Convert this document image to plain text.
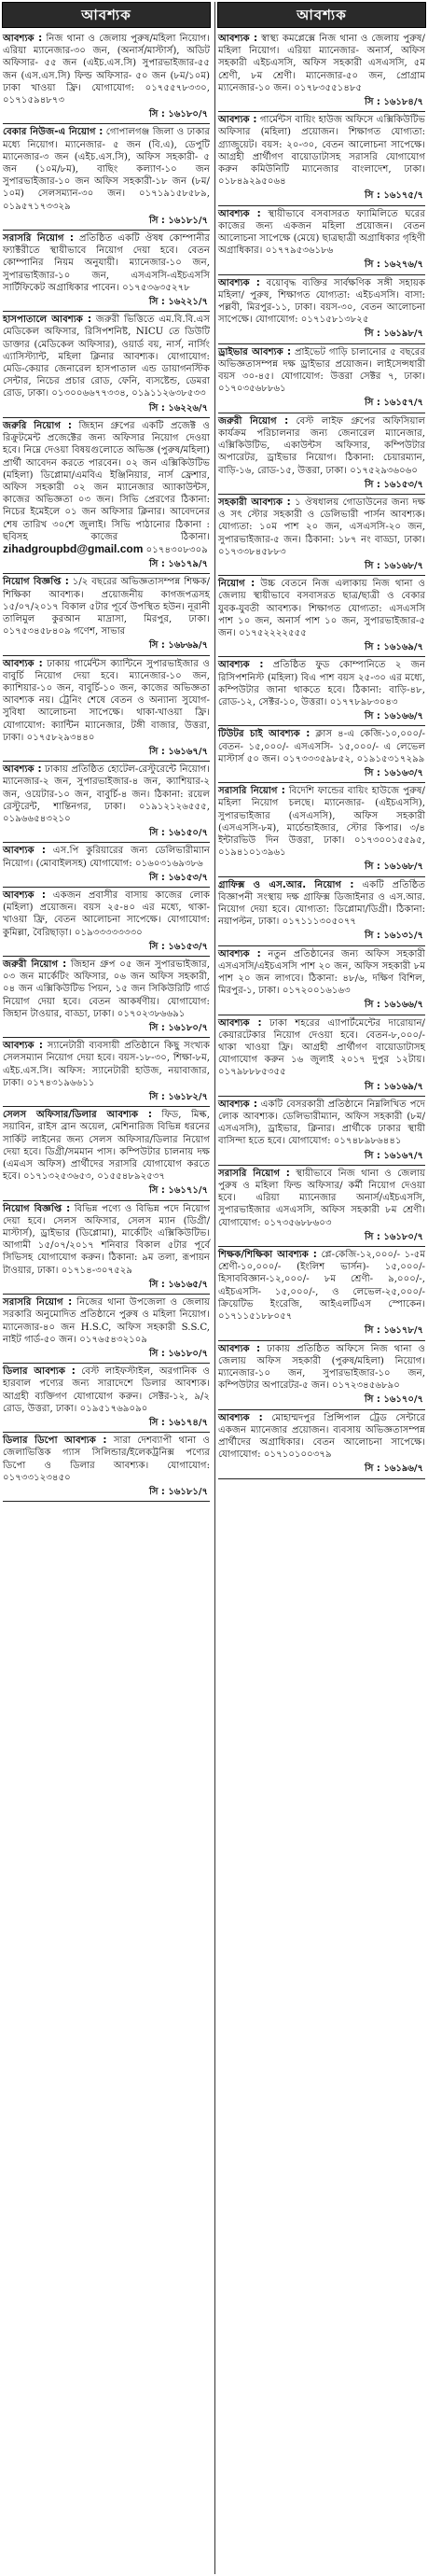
আবশ্যক
আবশ্যক : নিজ থানা ও জেলায় পুরুষ/মহিলা নিয়োগ। এরিয়া ম্যানেজার-৩০ জন, (অনার্স/মাস্টার্স), অডিট অফিসার- ৫৫ জন (এইচ.এস.সি) সুপারভাইজার-৫৫ জন (এস.এস.সি) ফিল্ড অফিসার- ৫০ জন (৮ম/১০ম) ঢাকা খাওয়া ফ্রি। যোগাযোগ: ০১৭৫৫৭৮৩৩০, ০১৭১৫৯৪৮৭৩
সি : ১৬১৮০/৭
বেকার নিউজ-এ নিয়োগ : গোপালগঞ্জ জিলা ও ঢাকার মধ্যে নিয়োগ। ম্যানেজার- ৫ জন (বি.এ), ডেপুটি ম্যানেজার-৩ জন (এইচ.এস.সি), অফিস সহকারী- ৫ জন (১০ম/৮ম), বাছিং কল্যাণ-১০ জন সুপারভাইজার-১০ জন অফিস সহকারী-১৮ জন (৮ম/১০ম) সেলসম্যান-৩০ জন। ০১৭১৯১৫৮৫৮৯, ০১৯৫৭১৭৩৩২৯
সি : ১৬১৮১/৭
সরাসরি নিয়োগ : প্রতিষ্ঠিত একটি ঔষধ কোম্পানীর ফ্যাক্টরীতে স্থায়ীভাবে নিয়োগ দেয়া হবে। বেতন কোম্পানির নিয়ম অনুযায়ী। ম্যানেজার-১০ জন, সুপারভাইজার-১০ জন, এসএসসি-এইচএসসি সার্টিফিকেট অগ্রাধিকার পাবেন। ০১৭৫৩৬৩৫২৭৮
সি : ১৬২২১/৭
হাসপাতালে আবশ্যক : জরুরী ভিত্তিতে এম.বি.বি.এস মেডিকেল অফিসার, রিসিপশনিষ্ট, NICU তে ডিউটি ডাক্তার (মেডিকেল অফিসার), ওয়ার্ড বয়, নার্স, নার্সিং এ্যাসিস্ট্যান্ট, মহিলা ক্লিনার আবশ্যক। যোগাযোগ: মেডি-কেয়ার জেনারেল হাসপাতাল এন্ড ডায়াগনস্টিক সেন্টার, নিচের প্রচার রোড, ফেনি, ব্যসষ্টেন্ড, ডেমরা রোড, ঢাকা। ০১৩০০৬৬৭৭৩৩৪, ০১৯১১২৬৩৮৫৩৩
সি : ১৬২২৬/৭
জরুরি নিয়োগ : জিহান গ্রুপের একটি প্রজেক্ট ও রিক্রুটমেন্ট প্রজেক্টের জন্য অফিসার নিয়োগ দেওয়া হবে। নিম্নে দেওয়া বিষয়গুলোতে অভিজ্ঞ (পুরুষ/মহিলা) প্রার্থী আবেদন করতে পারবেন। ০২ জন এক্সিকিউটিভ (মহিলা) ডিপ্লোমা/এমবিএ ইঞ্জিনিয়ার, নার্স ফ্রেশার, অফিস সহকারী ০২ জন ম্যানেজার অ্যাকাউন্টস, কাজের অভিজ্ঞতা ০৩ জন। সিভি প্রেরণের ঠিকানা: নিচের ইমেইলে ০১ জন অফিসার ক্লিনার। আবেদনের শেষ তারিখ ৩০শে জুলাই। সিভি পাঠানোর ঠিকানা : ছবিসহ কাজের ঠিকানা। zihadgroupbd@gmail.com ০১৭৪৩০৮৩০৯
সি : ১৬১৭৯/৭
নিয়োগ বিজ্ঞপ্তি : ১/২ বছরের অভিজ্ঞতাসম্পন্ন শিক্ষক/শিক্ষিকা আবশ্যক। প্রয়োজনীয় কাগজপত্রসহ ১৫/০৭/২০১৭ বিকাল ৫টার পূর্বে উপস্থিত হউন। নূরানী তালিমুল কুরআন মাদ্রাসা, মিরপুর, ঢাকা। ০১৭৫৩৪৫৮৪০৯ গণেশ, সাভার
সি : ১৬৮৬৯/৭
আবশ্যক : ঢাকায় গার্মেন্টস ক্যান্টিনে সুপারভাইজার ও বাবুর্চি নিয়োগ দেয়া হবে। ম্যানেজার-১০ জন, ক্যাশিয়ার-১০ জন, বাবুর্চি-১০ জন, কাজের অভিজ্ঞতা আবশ্যক নয়। ট্রেনিং শেষে বেতন ও অন্যান্য সুযোগ-সুবিধা আলোচনা সাপেক্ষে। থাকা-খাওয়া ফ্রি। যোগাযোগ: ক্যান্টিন ম্যানেজার, টঙ্গী বাজার, উত্তরা, ঢাকা। ০১৭৫৮২৯৩৪৪০
সি : ১৬১৬৭/৭
আবশ্যক : ঢাকায় প্রতিষ্ঠিত হোটেল-রেস্টুরেন্টে নিয়োগ। ম্যানেজার-২ জন, সুপারভাইজার-৪ জন, ক্যাশিয়ার-২ জন, ওয়েটার-১০ জন, বাবুর্চি-৪ জন। ঠিকানা: রয়েল রেস্টুরেন্ট, শান্তিনগর, ঢাকা। ০১৯১২১২৬৫৫৫, ০১৯৬৬৫৪৩২১০
সি : ১৬১৫০/৭
আবশ্যক : এস.পি কুরিয়ারের জন্য ডেলিভারীম্যান নিয়োগ। (মোবাইলসহ) যোগাযোগ: ০১৬০৩১৬৯৩৮৬
সি : ১৬১৫৩/৭
আবশ্যক : একজন প্রবাসীর বাসায় কাজের লোক (মহিলা) প্রয়োজন। বয়স ২৫-৪০ এর মধ্যে, থাকা-খাওয়া ফ্রি, বেতন আলোচনা সাপেক্ষে। যোগাযোগ: কুমিল্লা, বৈরিছাড়া। ০১৯৩৩৩৩৩৩৩০
সি : ১৬১৫৩/৭
জরুরী নিয়োগ : জিহান গ্রুপ ০৫ জন সুপারভাইজার, ০৩ জন মার্কেটিং অফিসার, ০৬ জন অফিস সহকারী, ০৪ জন এক্সিকিউটিভ পিয়ন, ১৫ জন সিকিউরিটি গার্ড নিয়োগ দেয়া হবে। বেতন আকর্ষণীয়। যোগাযোগ: জিহান টাওয়ার, বাড্ডা, ঢাকা। ০১৭০২৩৮৬৬৯১
সি : ১৬১৮০/৭
আবশ্যক : স্যানেটারী ব্যবসায়ী প্রতিষ্ঠানে কিছু সংখ্যক সেলসম্যান নিয়োগ দেয়া হবে। বয়স-১৮-৩০, শিক্ষা-৮ম, এইচ.এস.সি। অফিস: স্যানেটারী হাউজ, নয়াবাজার, ঢাকা। ০১৭৪৩১৯৬৬১১
সি : ১৬১৮২/৭
সেলস অফিসার/ডিলার আবশ্যক : ফিড, মিল্ক, সয়াবিন, রাইস ব্রান অয়েল, মেশিনারিজ বিভিন্ন ধরনের সার্কিট লাইনের জন্য সেলস অফিসার/ডিলার নিয়োগ দেয়া হবে। ডিগ্রী/সমমান পাস। কম্পিউটার চালনায় দক্ষ (এমএস অফিস) প্রার্থীদের সরাসরি যোগাযোগ করতে হবে। ০১৭১৩২৫৩৬৫৩, ০১৫৫৪৮৯২৫৩৭
সি : ১৬১৭১/৭
নিয়োগ বিজ্ঞপ্তি : বিভিন্ন পণ্যে ও বিভিন্ন পদে নিয়োগ দেয়া হবে। সেলস অফিসার, সেলস ম্যান (ডিগ্রী/মাস্টার্স), ড্রাইভার (ডিপ্লোমা), মার্কেটিং এক্সিকিউটিভ। আগামী ১৫/০৭/২০১৭ শনিবার বিকাল ৫টার পূর্বে সিভিসহ যোগাযোগ করুন। ঠিকানা: ৯ম তলা, রূপায়ন টাওয়ার, ঢাকা। ০১৭১৪-৩০৭৫২৯
সি : ১৬১৬৫/৭
সরাসরি নিয়োগ : নিজের থানা উপজেলা ও জেলায় সরকারি অনুমোদিত প্রতিষ্ঠানে পুরুষ ও মহিলা নিয়োগ। ম্যানেজার-৪০ জন H.S.C, অফিস সহকারী S.S.C, নাইট গার্ড-৫০ জন। ০১৭৬৫৪৩২১০৯
সি : ১৬১৮০/৭
ডিলার আবশ্যক : বেস্ট লাইফস্টাইল, অরগানিক ও হারবাল পণ্যের জন্য সারাদেশে ডিলার আবশ্যক। আগ্রহী ব্যক্তিগণ যোগাযোগ করুন। সেক্টর-১২, ৯/২ রোড, উত্তরা, ঢাকা। ০১৯৫১৭৬৯০৯০
সি : ১৬১৭৪/৭
ডিলার ডিপো আবশ্যক : সারা দেশব্যাপী থানা ও জেলাভিত্তিক গ্যাস সিলিন্ডার/ইলেকট্রনিক্স পণ্যের ডিপো ও ডিলার আবশ্যক। যোগাযোগ: ০১৭৩৩১২৩৪৫০
সি : ১৬১৮১/৭
আবশ্যক
আবশ্যক : স্বাস্থ্য কমপ্লেক্সে নিজ থানা ও জেলায় পুরুষ/মহিলা নিয়োগ। এরিয়া ম্যানেজার- অনার্স, অফিস সহকারী এইচএসসি, অফিস সহকারী এসএসসি, ৫ম শ্রেণী, ৮ম শ্রেণী। ম্যানেজার-৫০ জন, প্রোগ্রাম ম্যানেজার-১০ জন। ০১৭৮৩৫৫১৪৮৫
সি : ১৬১৮৪/৭
আবশ্যক : গার্মেন্টস বায়িং হাউজ অফিসে এক্সিকিউটিভ অফিসার (মহিলা) প্রয়োজন। শিক্ষাগত যোগ্যতা: গ্র্যাজুয়েট। বয়স: ২০-৩০, বেতন আলোচনা সাপেক্ষে। আগ্রহী প্রার্থীগণ বায়োডাটাসহ সরাসরি যোগাযোগ করুন কমিউনিটি ম্যানেজার বাংলাদেশ, ঢাকা। ০১৮৪৯২৯৫০৬৪
সি : ১৬১৭৫/৭
আবশ্যক : স্থায়ীভাবে বসবাসরত ফ্যামিলিতে ঘরের কাজের জন্য একজন মহিলা প্রয়োজন। বেতন আলোচনা সাপেক্ষে (মেয়ে) ছাত্রছাত্রী অগ্রাধিকার গৃহিণী অগ্রাধিকার। ০১৭৭৯৫৩৬১৮৬
সি : ১৬২৭৬/৭
আবশ্যক : বয়োবৃদ্ধ ব্যক্তির সার্বক্ষণিক সঙ্গী সহায়ক মহিলা/ পুরুষ, শিক্ষাগত যোগ্যতা: এইচএসসি। বাসা: পল্লবী, মিরপুর-১১, ঢাকা। বয়স-৩০, বেতন আলোচনা সাপেক্ষে। যোগাযোগ: ০১৭১৫৮১৩৮২৫
সি : ১৬১৯৮/৭
ড্রাইভার আবশ্যক : প্রাইভেট গাড়ি চালানোর ৫ বছরের অভিজ্ঞতাসম্পন্ন দক্ষ ড্রাইভার প্রয়োজন। লাইসেন্সধারী বয়স ৩০-৪৫। যোগাযোগ: উত্তরা সেক্টর ৭, ঢাকা। ০১৭০৩৫৬৮৮৬১
সি : ১৬১৫৭/৭
জরুরী নিয়োগ : বেস্ট লাইফ গ্রুপের অফিসিয়াল কার্যক্রম পরিচালনার জন্য জেনারেল ম্যানেজার, এক্সিকিউটিভ, একাউন্টস অফিসার, কম্পিউটার অপারেটর, ড্রাইভার নিয়োগ। ঠিকানা: চেয়ারম্যান, বাড়ি-১৬, রোড-১৫, উত্তরা, ঢাকা। ০১৭৫২৯৩৬০৬০
সি : ১৬১৫৩/৭
সহকারী আবশ্যক : ১ ঔষধালয় গোডাউনের জন্য দক্ষ ও সৎ স্টোর সহকারী ও ডেলিভারী পার্সন আবশ্যক। যোগ্যতা: ১০ম পাশ ২০ জন, এসএসসি-২০ জন, সুপারভাইজার-৫ জন। ঠিকানা: ১৮৭ নং বাড্ডা, ঢাকা। ০১৭৩৩৮৪৫৮৮৩
সি : ১৬১৬৮/৭
নিয়োগ : উচ্চ বেতনে নিজ এলাকায় নিজ থানা ও জেলায় স্থায়ীভাবে বসবাসরত ছাত্র/ছাত্রী ও বেকার যুবক-যুবতী আবশ্যক। শিক্ষাগত যোগ্যতা: এসএসসি পাশ ১০ জন, অনার্স পাশ ১০ জন, সুপারভাইজার-৫ জন। ০১৭৫২২২২৫৫৫
সি : ১৬১৬৯/৭
আবশ্যক : প্রতিষ্ঠিত ফুড কোম্পানিতে ২ জন রিসিপশনিস্ট (মহিলা) বিএ পাশ বয়স ২৫-৩০ এর মধ্যে, কম্পিউটার জানা থাকতে হবে। ঠিকানা: বাড়ি-৪৮, রোড-১২, সেক্টর-১০, উত্তরা। ০১৭৭৮৯৮৩০৪৩
সি : ১৬১৬৬/৭
টিউটর চাই আবশ্যক : ক্লাস ৪-এ কেজি-১০,০০০/- বেতন- ১৫,০০০/- এসএসসি- ১৫,০০০/- এ লেভেল মাস্টার্স ৫০ জন। ০১৭৩৩৩৫৯৮৫২, ০১৯১৫৩১৭২৯৯
সি : ১৬১৬৩/৭
সরাসরি নিয়োগ : বিদেশি ফান্ডের বায়িং হাউজে পুরুষ/মহিলা নিয়োগ চলছে। ম্যানেজার- (এইচএসসি), সুপারভাইজার (এসএসসি), অফিস সহকারী (এসএসসি-৮ম), মার্চেন্ডাইজার, স্টোর কিপার। ৩/৪ ইন্টারভিউ দিন উত্তরা, ঢাকা। ০১৭৩০০১৫৫৯৫, ০১৯৪১০১৩৯৬১
সি : ১৬১৬৮/৭
গ্রাফিক্স ও এস.আর. নিয়োগ : একটি প্রতিষ্ঠিত বিজ্ঞাপনী সংস্থায় দক্ষ গ্রাফিক্স ডিজাইনার ও এস.আর. নিয়োগ দেয়া হবে। যোগ্যতা: ডিপ্লোমা/ডিগ্রী। ঠিকানা: নয়াপল্টন, ঢাকা। ০১৭১১১৩০৫০৭৭
সি : ১৬১৩১/৭
আবশ্যক : নতুন প্রতিষ্ঠানের জন্য অফিস সহকারী এসএসসি/এইচএসসি পাশ ২০ জন, অফিস সহকারী ৮ম পাশ ২০ জন লাগবে। ঠিকানা: ৪৮/৬, দক্ষিণ বিশিল, মিরপুর-১, ঢাকা। ০১৭২০০১৬১৬৩
সি : ১৬১৬৬/৭
আবশ্যক : ঢাকা শহরের এ্যাপার্টমেন্টের দারোয়ান/ কেয়ারটেকার নিয়োগ দেওয়া হবে। বেতন-৮,০০০/- থাকা খাওয়া ফ্রি। আগ্রহী প্রার্থীগণ বায়োডাটাসহ যোগাযোগ করুন ১৬ জুলাই ২০১৭ দুপুর ১২টায়। ০১৭৯৮৮৮৫৩৫৫
সি : ১৬১৬৯/৭
আবশ্যক : একটি বেসরকারী প্রতিষ্ঠানে নিম্নলিখিত পদে লোক আবশ্যক। ডেলিভারীম্যান, অফিস সহকারী (৮ম/ এসএসসি), ড্রাইভার, ক্লিনার। প্রার্থীকে ঢাকার স্থায়ী বাসিন্দা হতে হবে। যোগাযোগ: ০১৭৪৮৯৮৬৪৪১
সি : ১৬১৬৭/৭
সরাসরি নিয়োগ : স্থায়ীভাবে নিজ থানা ও জেলায় পুরুষ ও মহিলা ফিল্ড অফিসার/ কর্মী নিয়োগ দেওয়া হবে। এরিয়া ম্যানেজার অনার্স/এইচএসসি, সুপারভাইজার এসএসসি, অফিস সহকারী ৮ম শ্রেণী। যোগাযোগ: ০১৭৩৫৬৮৮৬০৩
সি : ১৬১৮০/৭
শিক্ষক/শিক্ষিকা আবশ্যক : প্লে-কেজি-১২,০০০/- ১-৫ম শ্রেণী-১০,০০০/- (ইংলিশ ভার্সন)- ১৫,০০০/- হিসাববিজ্ঞান-১২,০০০/- ৮ম শ্রেণী- ৯,০০০/-, এইচএসসি- ১৫,০০০/-, ও লেভেল-২৫,০০০/- ক্রিয়েটিভ ইংরেজি, আইএলটিএস স্পোকেন। ০১৭১১৫১৮৮০৫৭
সি : ১৬১৭৮/৭
আবশ্যক : ঢাকায় প্রতিষ্ঠিত অফিসে নিজ থানা ও জেলায় অফিস সহকারী (পুরুষ/মহিলা) নিয়োগ। ম্যানেজার-১০ জন, সুপারভাইজার-১০ জন, কম্পিউটার অপারেটর-৫ জন। ০১৭২৩৪৫৬৮৯০
সি : ১৬১৭০/৭
আবশ্যক : মোহাম্মদপুর প্রিন্সিপাল ট্রেড সেন্টারে একজন ম্যানেজার প্রয়োজন। ব্যবসায় অভিজ্ঞতাসম্পন্ন প্রার্থীদের অগ্রাধিকার। বেতন আলোচনা সাপেক্ষে। যোগাযোগ: ০১৭১০১০০৩৭৯
সি : ১৬১৯৬/৭
